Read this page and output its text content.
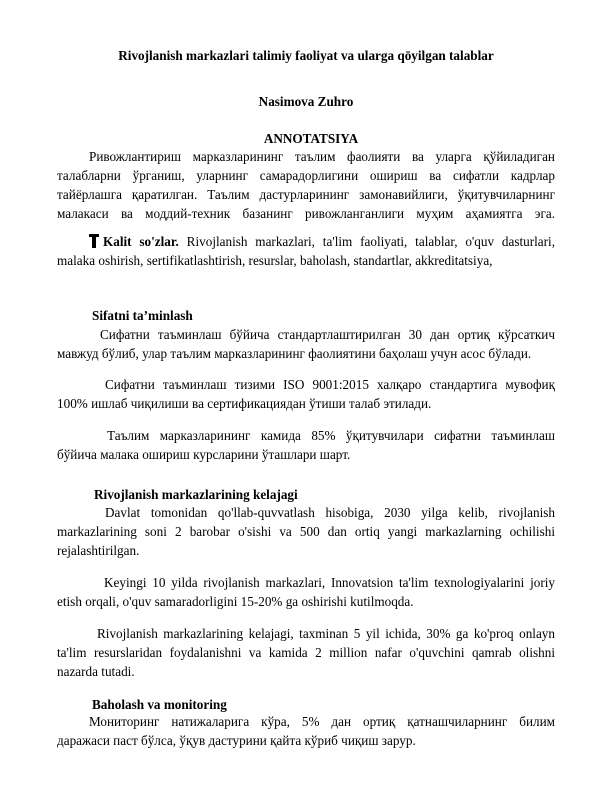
Rivojlanish markazlari talimiy faoliyat va ularga qōyilgan talablar
Nasimova Zuhro
ANNOTATSIYA
Ривожлантириш марказларининг таълим фаолияти ва уларга қўйиладиган
талабларни ўрганиш, уларнинг самарадорлигини ошириш ва сифатли кадрлар
тайёрлашга қаратилган. Таълим дастурларининг замонавийлиги, ўқитувчиларнинг
малакаси ва моддий-техник базанинг ривожланганлиги муҳим аҳамиятга эга.
Kalit so'zlar. Rivojlanish markazlari, ta'lim faoliyati, talablar, o'quv dasturlari,
malaka oshirish, sertifikatlashtirish, resurslar, baholash, standartlar, akkreditatsiya,
Sifatni ta’minlash
Сифатни таъминлаш бўйича стандартлаштирилган 30 дан ортиқ кўрсаткич
мавжуд бўлиб, улар таълим марказларининг фаолиятини баҳолаш учун асос бўлади.
Сифатни таъминлаш тизими ISO 9001:2015 халқаро стандартига мувофиқ
100% ишлаб чиқилиши ва сертификациядан ўтиши талаб этилади.
Таълим марказларининг камида 85% ўқитувчилари сифатни таъминлаш
бўйича малака ошириш курсларини ўташлари шарт.
Rivojlanish markazlarining kelajagi
Davlat tomonidan qo'llab-quvvatlash hisobiga, 2030 yilga kelib, rivojlanish
markazlarining soni 2 barobar o'sishi va 500 dan ortiq yangi markazlarning ochilishi
rejalashtirilgan.
Keyingi 10 yilda rivojlanish markazlari, Innovatsion ta'lim texnologiyalarini joriy
etish orqali, o'quv samaradorligini 15-20% ga oshirishi kutilmoqda.
Rivojlanish markazlarining kelajagi, taxminan 5 yil ichida, 30% ga ko'proq onlayn
ta'lim resurslaridan foydalanishni va kamida 2 million nafar o'quvchini qamrab olishni
nazarda tutadi.
Baholash va monitoring
Мониторинг натижаларига кўра, 5% дан ортиқ қатнашчиларнинг билим
даражаси паст бўлса, ўқув дастурини қайта кўриб чиқиш зарур.
